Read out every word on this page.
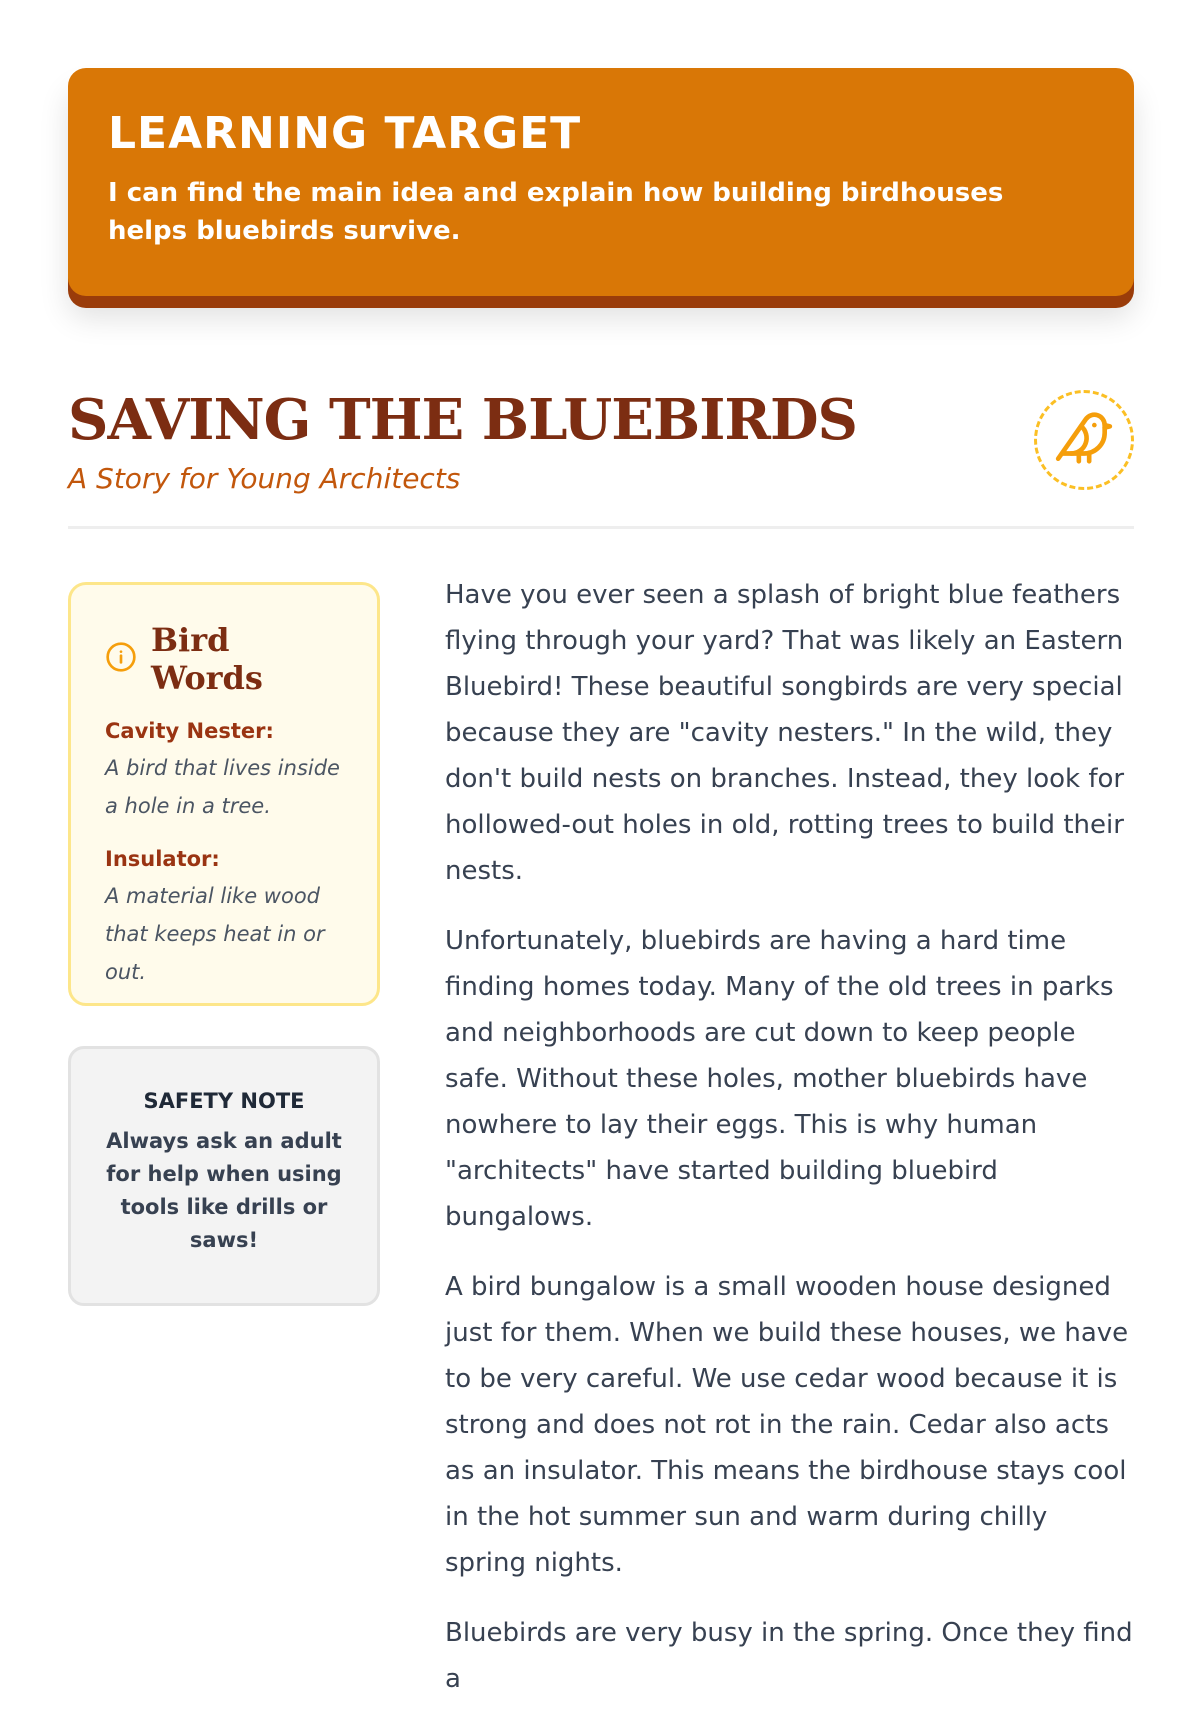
LEARNING TARGET

I can find the main idea and explain how building birdhouses helps bluebirds survive.

SAVING THE BLUEBIRDS

A Story for Young Architects

Bird Words

Cavity Nester:

A bird that lives inside a hole in a tree.

Insulator:

A material like wood that keeps heat in or out.

SAFETY NOTE

Always ask an adult for help when using tools like drills or saws!

Have you ever seen a splash of bright blue feathers flying through your yard? That was likely an Eastern Bluebird! These beautiful songbirds are very special because they are "cavity nesters." In the wild, they don't build nests on branches. Instead, they look for hollowed-out holes in old, rotting trees to build their nests.

Unfortunately, bluebirds are having a hard time finding homes today. Many of the old trees in parks and neighborhoods are cut down to keep people safe. Without these holes, mother bluebirds have nowhere to lay their eggs. This is why human "architects" have started building bluebird bungalows.

A bird bungalow is a small wooden house designed just for them. When we build these houses, we have to be very careful. We use cedar wood because it is strong and does not rot in the rain. Cedar also acts as an insulator. This means the birdhouse stays cool in the hot summer sun and warm during chilly spring nights.

Bluebirds are very busy in the spring. Once they find a
